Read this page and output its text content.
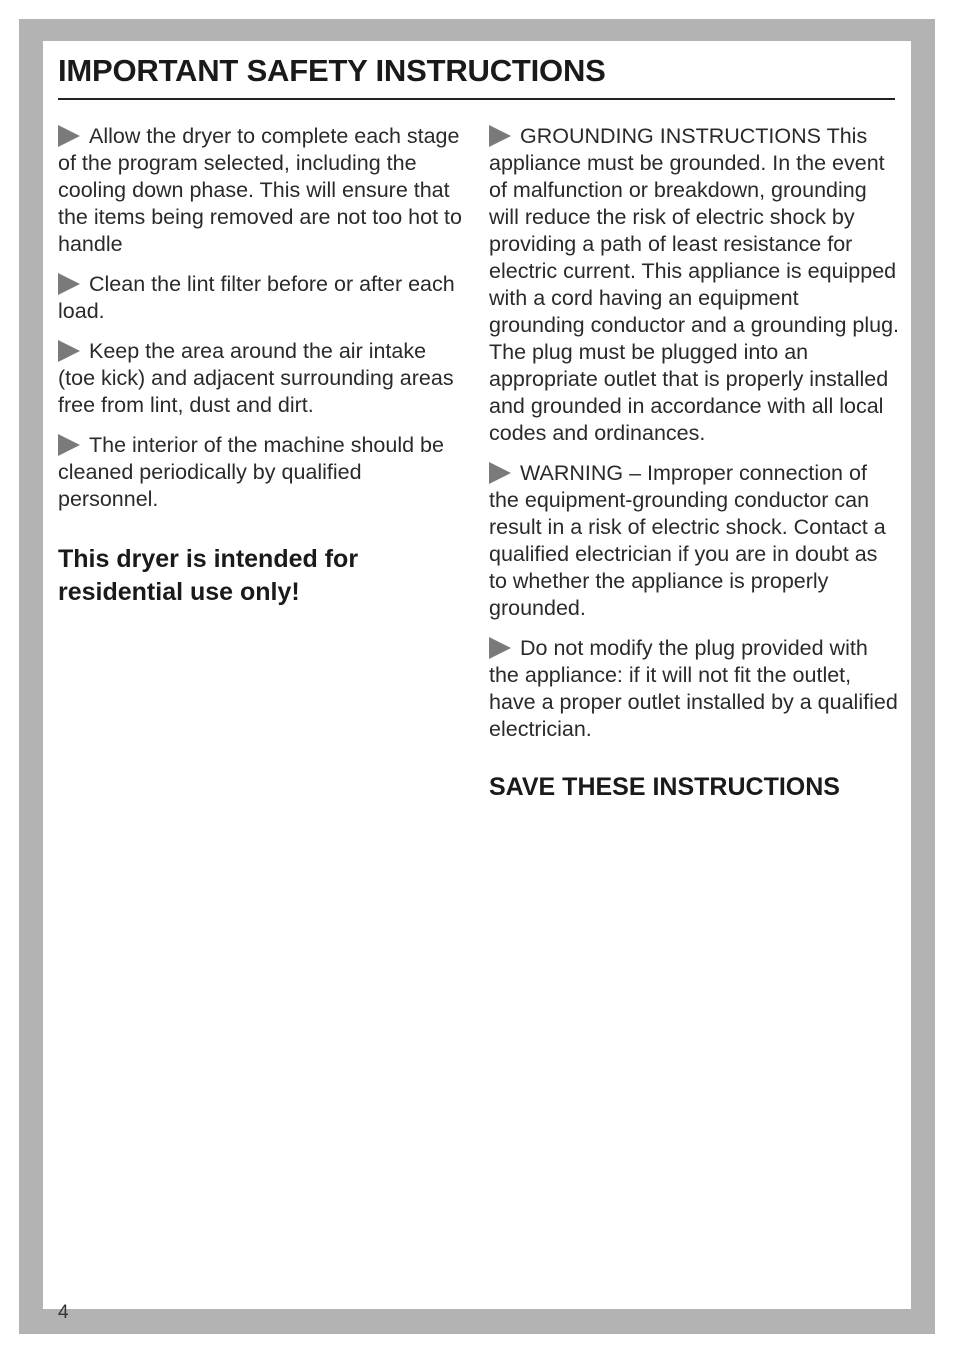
IMPORTANT SAFETY INSTRUCTIONS

Allow the dryer to complete each stage of the program selected, including the cooling down phase. This will ensure that the items being removed are not too hot to handle

Clean the lint filter before or after each load.

Keep the area around the air intake (toe kick) and adjacent surrounding areas free from lint, dust and dirt.

The interior of the machine should be cleaned periodically by qualified personnel.

This dryer is intended for residential use only!

GROUNDING INSTRUCTIONS This appliance must be grounded. In the event of malfunction or breakdown, grounding will reduce the risk of electric shock by providing a path of least resistance for electric current. This appliance is equipped with a cord having an equipment grounding conductor and a grounding plug. The plug must be plugged into an appropriate outlet that is properly installed and grounded in accordance with all local codes and ordinances.

WARNING – Improper connection of the equipment-grounding conductor can result in a risk of electric shock. Contact a qualified electrician if you are in doubt as to whether the appliance is properly grounded.

Do not modify the plug provided with the appliance: if it will not fit the outlet, have a proper outlet installed by a qualified electrician.

SAVE THESE INSTRUCTIONS
4
